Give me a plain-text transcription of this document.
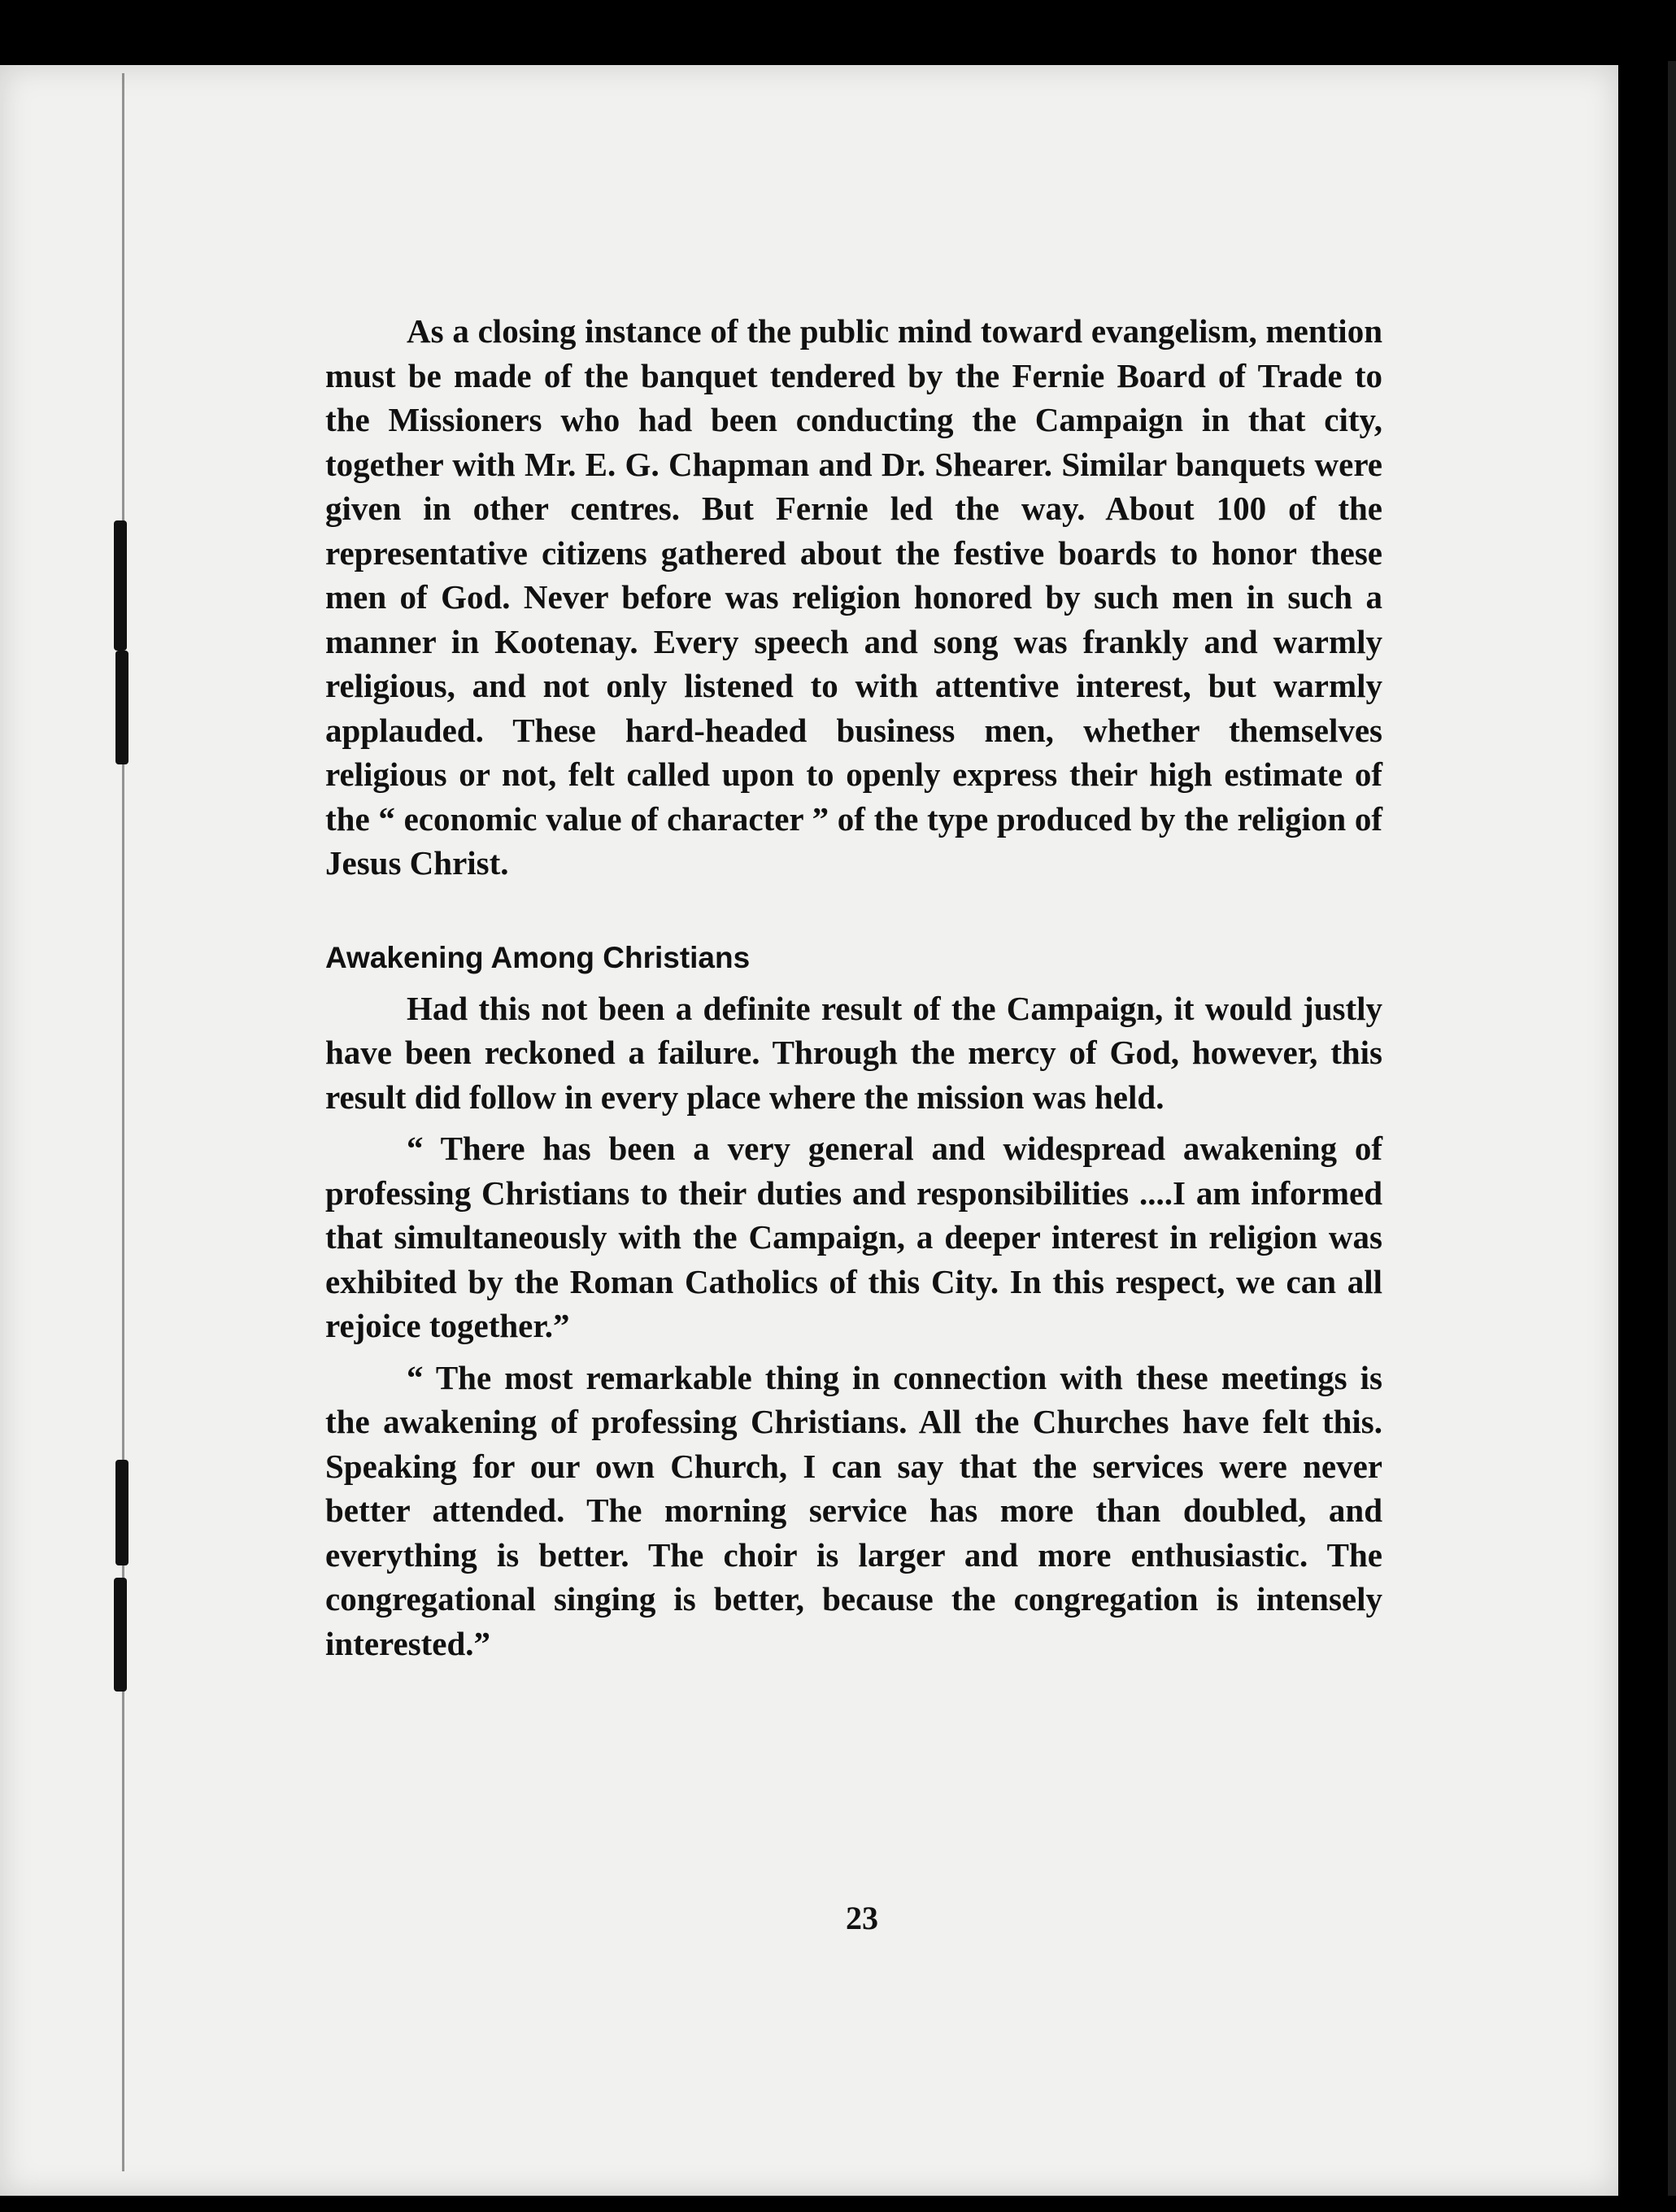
As a closing instance of the public mind toward evangelism, mention must be made of the banquet tendered by the Fernie Board of Trade to the Missioners who had been conducting the Campaign in that city, together with Mr. E. G. Chapman and Dr. Shearer. Similar banquets were given in other centres. But Fernie led the way. About 100 of the representative citizens gathered about the festive boards to honor these men of God. Never before was religion honored by such men in such a manner in Kootenay. Every speech and song was frankly and warmly religious, and not only listened to with attentive interest, but warmly applauded. These hard-headed business men, whether themselves religious or not, felt called upon to openly express their high estimate of the “ economic value of character ” of the type produced by the religion of Jesus Christ.

Awakening Among Christians

Had this not been a definite result of the Campaign, it would justly have been reckoned a failure. Through the mercy of God, however, this result did follow in every place where the mission was held.

“ There has been a very general and widespread awakening of professing Christians to their duties and responsibilities ....I am informed that simultaneously with the Campaign, a deeper interest in religion was exhibited by the Roman Catholics of this City. In this respect, we can all rejoice together.”

“ The most remarkable thing in connection with these meetings is the awakening of professing Christians. All the Churches have felt this. Speaking for our own Church, I can say that the services were never better attended. The morning service has more than doubled, and everything is better. The choir is larger and more enthusiastic. The congregational singing is better, because the congregation is intensely interested.”

23
